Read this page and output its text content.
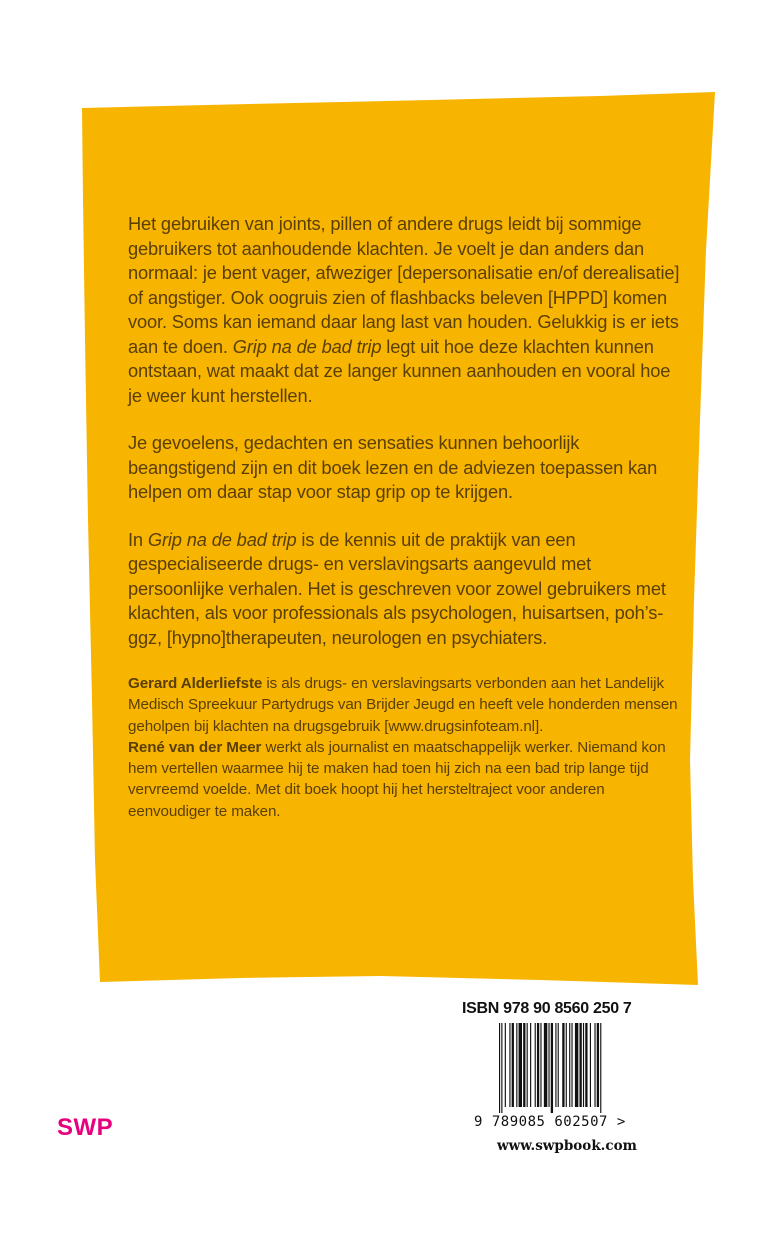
Het gebruiken van joints, pillen of andere drugs leidt bij sommige gebruikers tot aanhoudende klachten. Je voelt je dan anders dan normaal: je bent vager, afweziger [depersonalisatie en/of derealisatie] of angstiger. Ook oogruis zien of flashbacks beleven [HPPD] komen voor. Soms kan iemand daar lang last van houden. Gelukkig is er iets aan te doen. Grip na de bad trip legt uit hoe deze klachten kunnen ontstaan, wat maakt dat ze langer kunnen aanhouden en vooral hoe je weer kunt herstellen.

Je gevoelens, gedachten en sensaties kunnen behoorlijk beangstigend zijn en dit boek lezen en de adviezen toepassen kan helpen om daar stap voor stap grip op te krijgen.

In Grip na de bad trip is de kennis uit de praktijk van een gespecialiseerde drugs- en verslavingsarts aangevuld met persoonlijke verhalen. Het is geschreven voor zowel gebruikers met klachten, als voor professionals als psychologen, huisartsen, poh’s-ggz, [hypno]therapeuten, neurologen en psychiaters.

Gerard Alderliefste is als drugs- en verslavingsarts verbonden aan het Landelijk Medisch Spreekuur Partydrugs van Brijder Jeugd en heeft vele honderden mensen geholpen bij klachten na drugsgebruik [www.drugsinfoteam.nl].

René van der Meer werkt als journalist en maatschappelijk werker. Niemand kon hem vertellen waarmee hij te maken had toen hij zich na een bad trip lange tijd vervreemd voelde. Met dit boek hoopt hij het hersteltraject voor anderen eenvoudiger te maken.

SWP
ISBN 978 90 8560 250 7
9 789085 602507 >
www.swpbook.com
